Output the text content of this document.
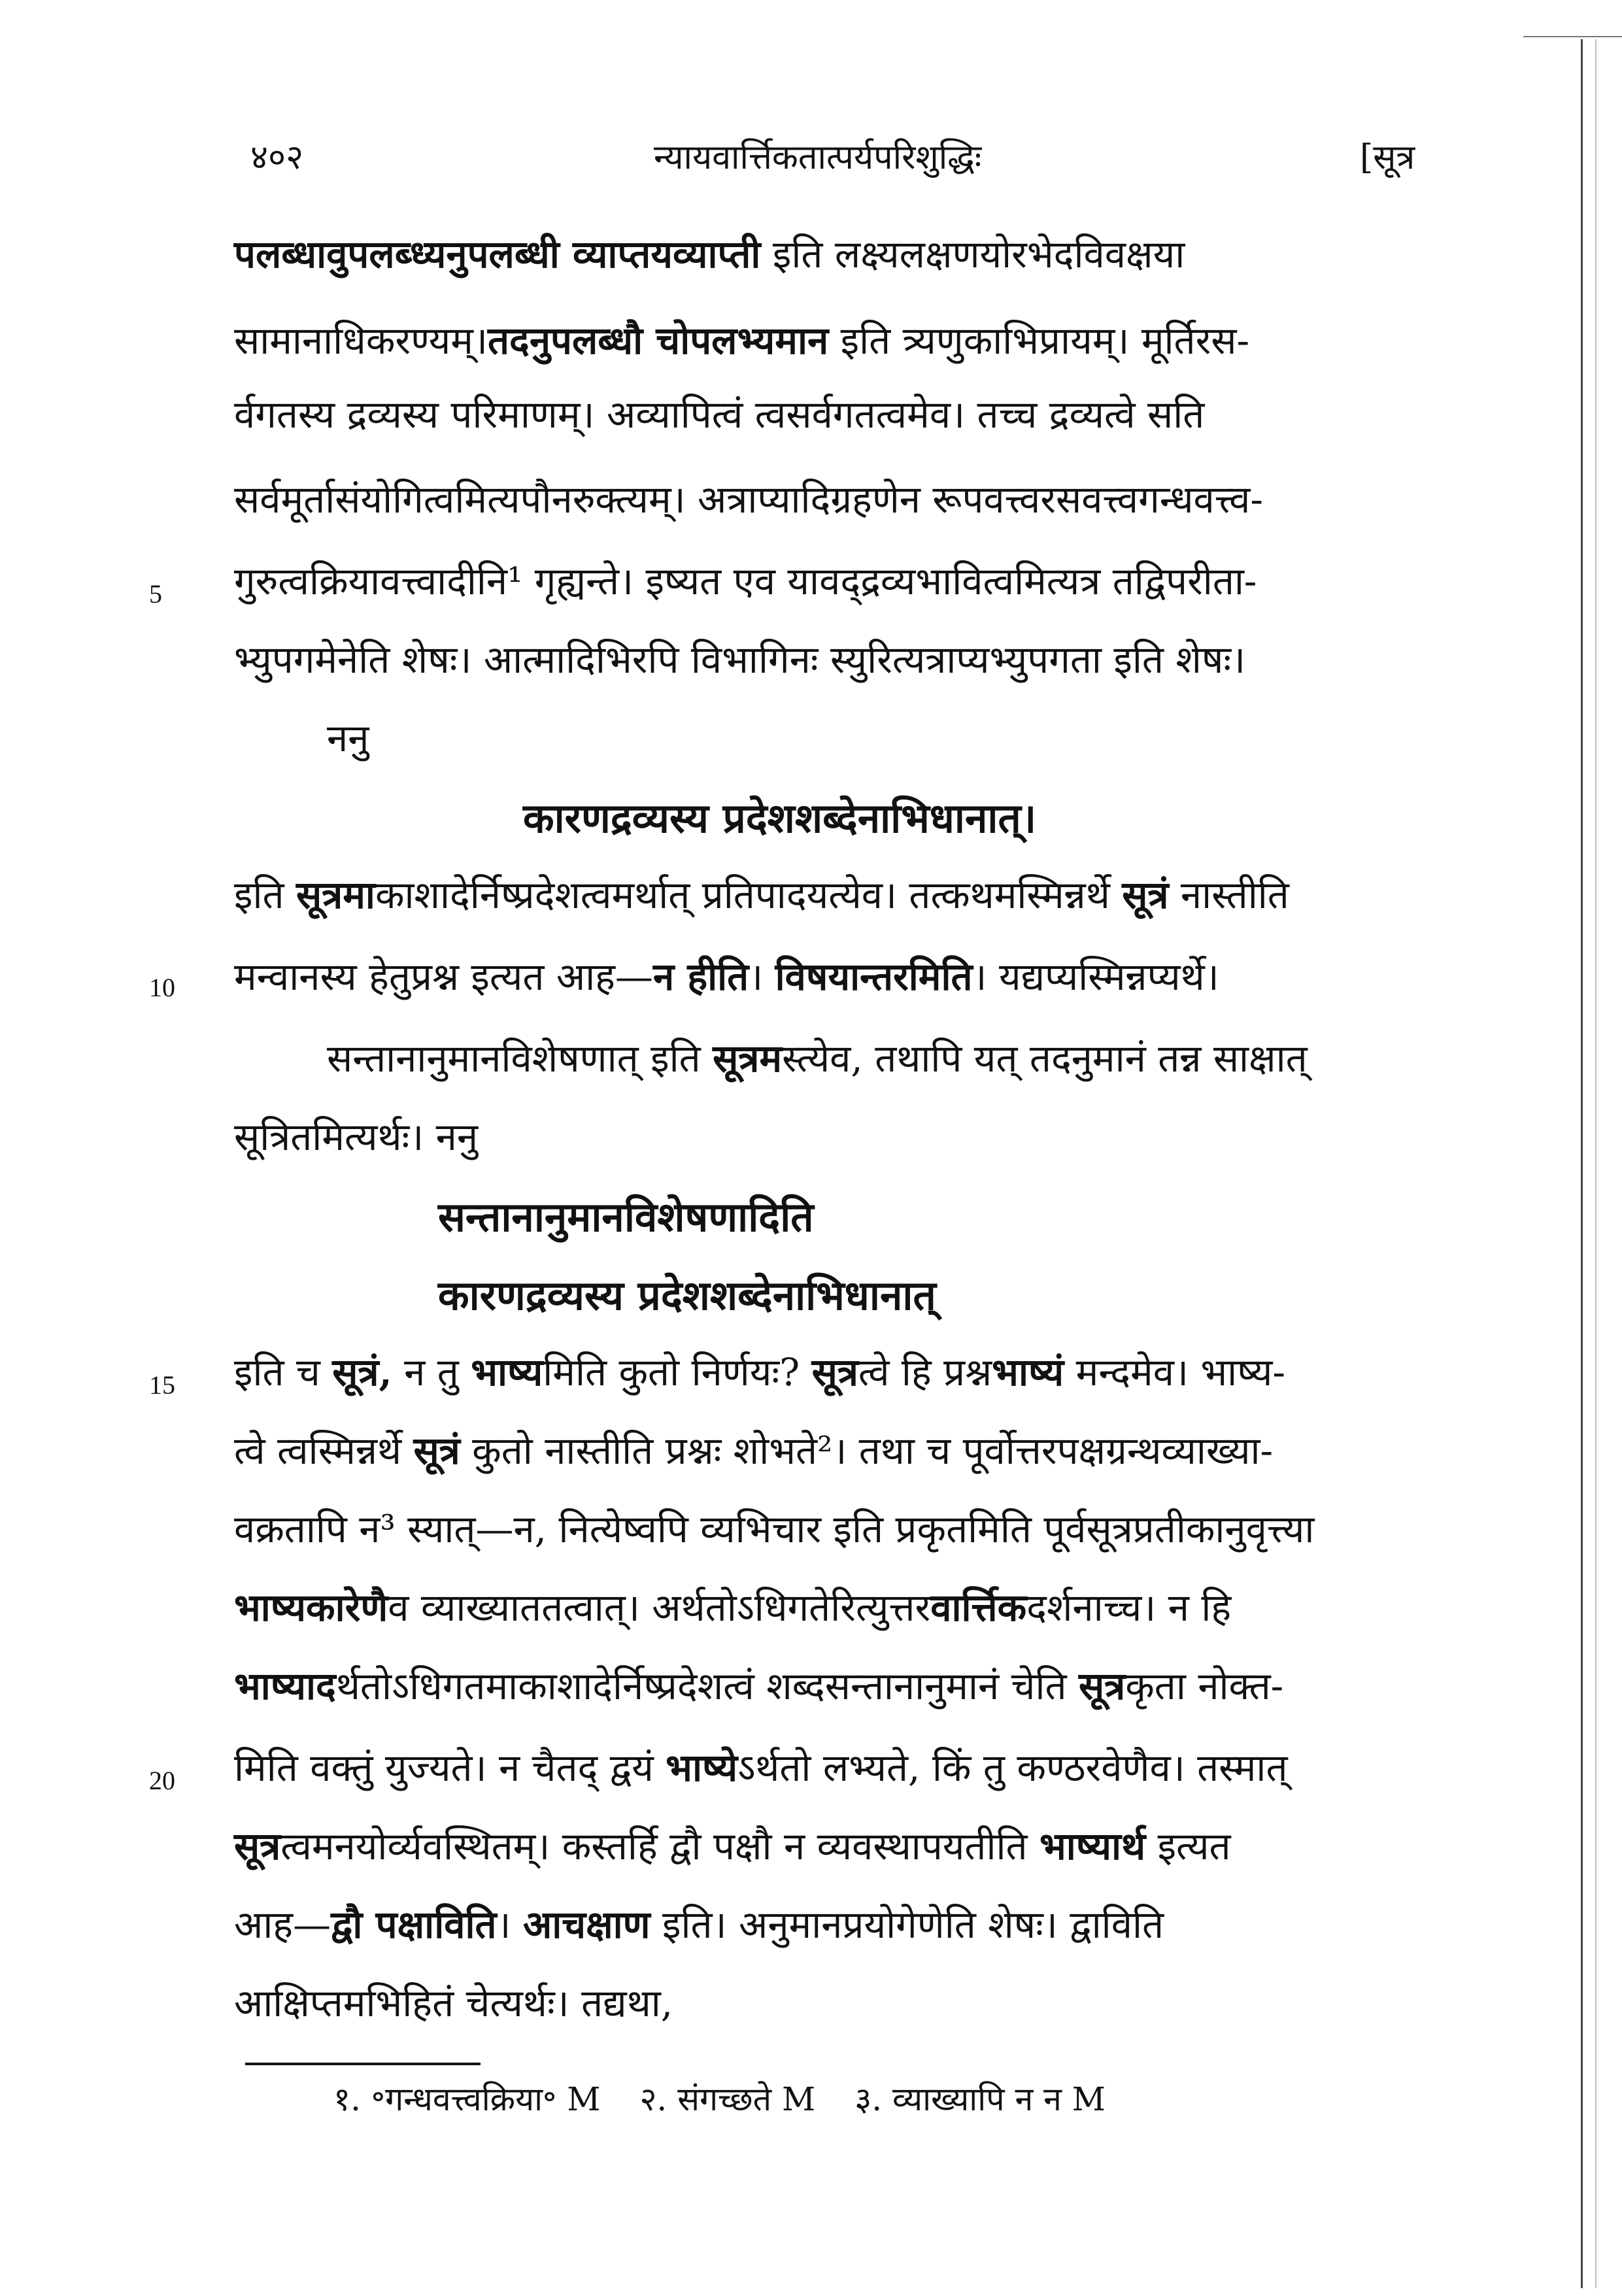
४०२	न्यायवार्त्तिकतात्पर्यपरिशुद्धिः	[सूत्र
पलब्धावुपलब्ध्यनुपलब्धी व्याप्तयव्याप्ती इति लक्ष्यलक्षणयोरभेदविवक्षया
सामानाधिकरण्यम्।तदनुपलब्धौ चोपलभ्यमान इति त्र्यणुकाभिप्रायम्। मूर्तिरस-
र्वगतस्य द्रव्यस्य परिमाणम्। अव्यापित्वं त्वसर्वगतत्वमेव। तच्च द्रव्यत्वे सति
सर्वमूर्तासंयोगित्वमित्यपौनरुक्त्यम्। अत्राप्यादिग्रहणेन रूपवत्त्वरसवत्त्वगन्धवत्त्व-
5 गुरुत्वक्रियावत्त्वादीनि¹ गृह्यन्ते। इष्यत एव यावद्द्रव्यभावित्वमित्यत्र तद्विपरीता-
भ्युपगमेनेति शेषः। आत्मादिभिरपि विभागिनः स्युरित्यत्राप्यभ्युपगता इति शेषः।
ननु
कारणद्रव्यस्य प्रदेशशब्देनाभिधानात्।
इति सूत्रमाकाशादेर्निष्प्रदेशत्वमर्थात् प्रतिपादयत्येव। तत्कथमस्मिन्नर्थे सूत्रं नास्तीति
10 मन्वानस्य हेतुप्रश्न इत्यत आह—न हीति। विषयान्तरमिति। यद्यप्यस्मिन्नप्यर्थे।
सन्तानानुमानविशेषणात् इति सूत्रमस्त्येव, तथापि यत् तदनुमानं तन्न साक्षात्
सूत्रितमित्यर्थः। ननु
सन्तानानुमानविशेषणादिति
कारणद्रव्यस्य प्रदेशशब्देनाभिधानात्
15 इति च सूत्रं, न तु भाष्यमिति कुतो निर्णयः? सूत्रत्वे हि प्रश्नभाष्यं मन्दमेव। भाष्य-
त्वे त्वस्मिन्नर्थे सूत्रं कुतो नास्तीति प्रश्नः शोभते²। तथा च पूर्वोत्तरपक्षग्रन्थव्याख्या-
वक्रतापि न³ स्यात्—न, नित्येष्वपि व्यभिचार इति प्रकृतमिति पूर्वसूत्रप्रतीकानुवृत्त्या
भाष्यकारेणैव व्याख्याततत्वात्। अर्थतोऽधिगतेरित्युत्तरवार्त्तिकदर्शनाच्च। न हि
भाष्यादर्थतोऽधिगतमाकाशादेर्निष्प्रदेशत्वं शब्दसन्तानानुमानं चेति सूत्रकृता नोक्त-
20 मिति वक्तुं युज्यते। न चैतद् द्वयं भाष्येऽर्थतो लभ्यते, किं तु कण्ठरवेणैव। तस्मात्
सूत्रत्वमनयोर्व्यवस्थितम्। कस्तर्हि द्वौ पक्षौ न व्यवस्थापयतीति भाष्यार्थ इत्यत
आह—द्वौ पक्षाविति। आचक्षाण इति। अनुमानप्रयोगेणेति शेषः। द्वाविति
आक्षिप्तमभिहितं चेत्यर्थः। तद्यथा,
१. ॰गन्धवत्त्वक्रिया॰ M २. संगच्छते M ३. व्याख्यापि न न M
